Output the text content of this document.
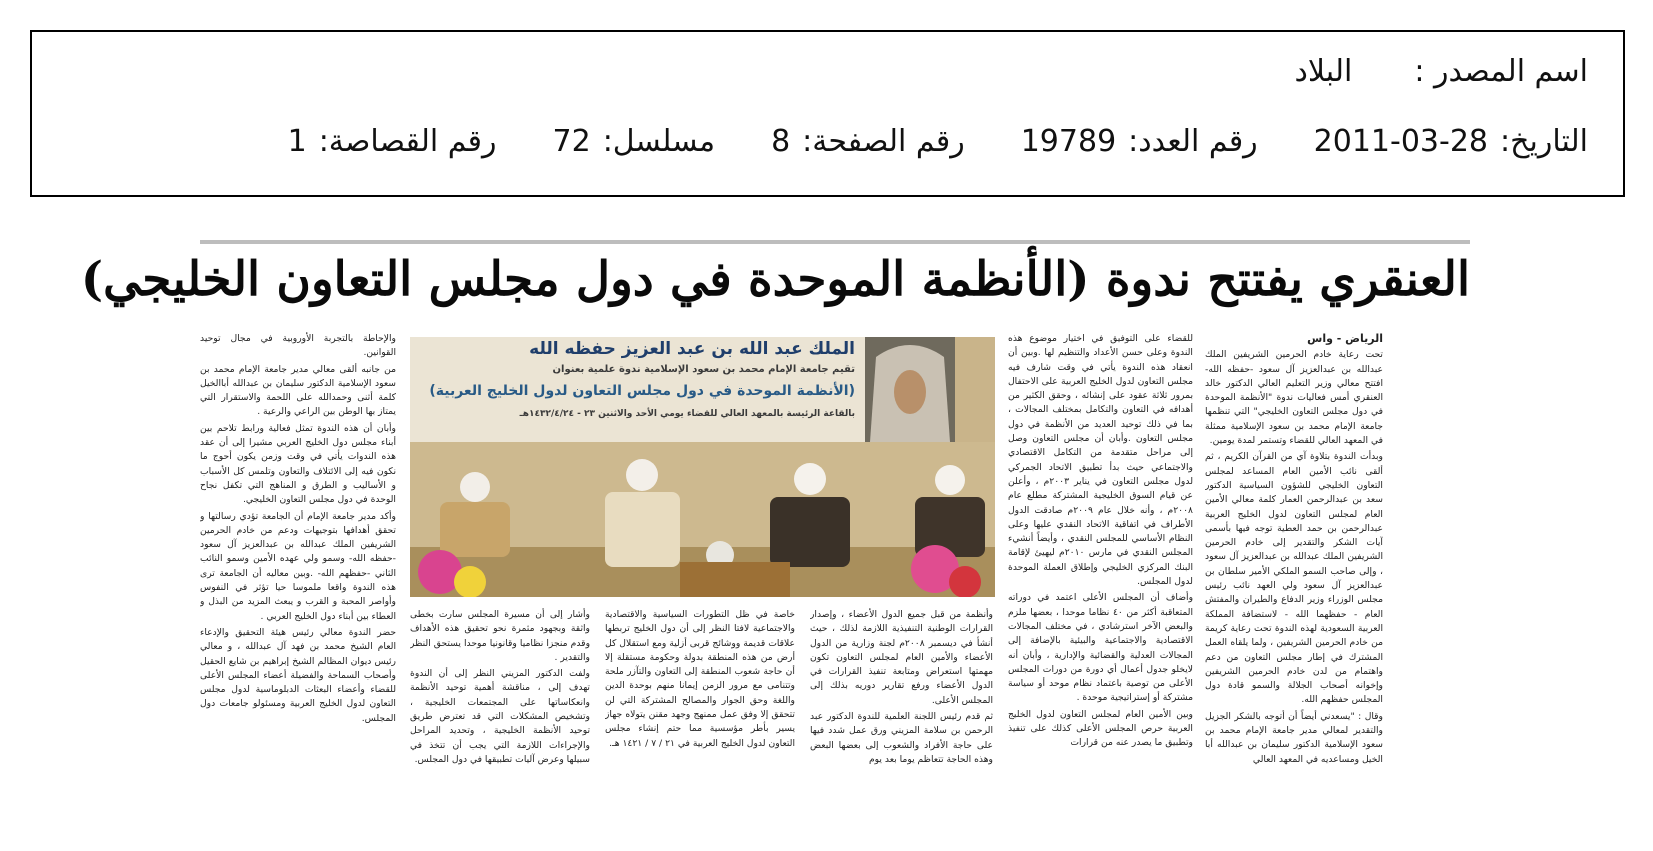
اسم المصدر :
البلاد
التاريخ:
2011-03-28
رقم العدد:
19789
رقم الصفحة:
8
مسلسل:
72
رقم القصاصة:
1
العنقري يفتتح ندوة (الأنظمة الموحدة في دول مجلس التعاون الخليجي)

الرياض - واس

تحت رعاية خادم الحرمين الشريفين الملك عبدالله بن عبدالعزيز آل سعود -حفظه الله- افتتح معالي وزير التعليم العالي الدكتور خالد العنقري أمس فعاليات ندوة "الأنظمة الموحدة في دول مجلس التعاون الخليجي" التي تنظمها جامعة الإمام محمد بن سعود الإسلامية ممثلة في المعهد العالي للقضاء وتستمر لمدة يومين.

وبدأت الندوة بتلاوة آي من القرآن الكريم ، ثم ألقى نائب الأمين العام المساعد لمجلس التعاون الخليجي للشؤون السياسية الدكتور سعد بن عبدالرحمن العمار كلمة معالي الأمين العام لمجلس التعاون لدول الخليج العربية عبدالرحمن بن حمد العطية توجه فيها بأسمى آيات الشكر والتقدير إلى خادم الحرمين الشريفين الملك عبدالله بن عبدالعزيز آل سعود ، وإلى صاحب السمو الملكي الأمير سلطان بن عبدالعزيز آل سعود ولي العهد نائب رئيس مجلس الوزراء وزير الدفاع والطيران والمفتش العام - حفظهما الله - لاستضافة المملكة العربية السعودية لهذه الندوة تحت رعاية كريمة من خادم الحرمين الشريفين ، ولما يلقاه العمل المشترك في إطار مجلس التعاون من دعم واهتمام من لدن خادم الحرمين الشريفين وإخوانه أصحاب الجلالة والسمو قادة دول المجلس حفظهم الله.

وقال : "يسعدني أيضاً أن أتوجه بالشكر الجزيل والتقدير لمعالي مدير جامعة الإمام محمد بن سعود الإسلامية الدكتور سليمان بن عبدالله أبا الخيل ومساعديه في المعهد العالي

للقضاء على التوفيق في اختيار موضوع هذه الندوة وعلى حسن الأعداد والتنظيم لها .وبين أن انعقاد هذه الندوة يأتي في وقت شارف فيه مجلس التعاون لدول الخليج العربية على الاحتفال بمرور ثلاثة عقود على إنشائه ، وحقق الكثير من أهدافه في التعاون والتكامل بمختلف المجالات ، بما في ذلك توحيد العديد من الأنظمة في دول مجلس التعاون .وأبان أن مجلس التعاون وصل إلى مراحل متقدمة من التكامل الاقتصادي والاجتماعي حيث بدأ تطبيق الاتحاد الجمركي لدول مجلس التعاون في يناير ٢٠٠٣م ، وأعلن عن قيام السوق الخليجية المشتركة مطلع عام ٢٠٠٨م ، وأنه خلال عام ٢٠٠٩م صادقت الدول الأطراف في اتفاقية الاتحاد النقدي عليها وعلى النظام الأساسي للمجلس النقدي ، وأيضاً أنشيء المجلس النقدي في مارس ٢٠١٠م ليهيئ لإقامة البنك المركزي الخليجي وإطلاق العملة الموحدة لدول المجلس.

وأضاف أن المجلس الأعلى اعتمد في دوراته المتعاقبة أكثر من ٤٠ نظاما موحدا ، بعضها ملزم والبعض الآخر استرشادي ، في مختلف المجالات الاقتصادية والاجتماعية والبيئية بالإضافة إلى المجالات العدلية والقضائية والإدارية ، وأبان أنه لايخلو جدول أعمال أي دورة من دورات المجلس الأعلى من توصية باعتماد نظام موحد أو سياسة مشتركة أو إستراتيجية موحدة .

وبين الأمين العام لمجلس التعاون لدول الخليج العربية حرص المجلس الأعلى كذلك على تنفيذ وتطبيق ما يصدر عنه من قرارات

الملك عبد الله بن عبد العزيز حفظه الله
تقيم جامعة الإمام محمد بن سعود الإسلامية ندوة علمية بعنوان
(الأنظمة الموحدة في دول مجلس التعاون لدول الخليج العربية)
بالقاعة الرئيسة بالمعهد العالي للقضاء يومي الأحد والاثنين ٢٣ - ١٤٣٢/٤/٢٤هـ

وأنظمة من قبل جميع الدول الأعضاء ، وإصدار القرارات الوطنية التنفيذية اللازمة لذلك ، حيث أنشأ في ديسمبر ٢٠٠٨م لجنة وزارية من الدول الأعضاء والأمين العام لمجلس التعاون تكون مهمتها استعراض ومتابعة تنفيذ القرارات في الدول الأعضاء ورفع تقارير دوريه بذلك إلى المجلس الأعلى.

ثم قدم رئيس اللجنة العلمية للندوة الدكتور عبد الرحمن بن سلامة المزيني ورق عمل شدد فيها على حاجة الأفراد والشعوب إلى بعضها البعض وهذه الحاجة تتعاظم يوما بعد يوم

خاصة في ظل التطورات السياسية والاقتصادية والاجتماعية لافتا النظر إلى أن دول الخليج تربطها علاقات قديمة ووشائج قربى أزلية ومع استقلال كل أرض من هذه المنطقة بدولة وحكومة مستقلة إلا أن حاجة شعوب المنطقة إلى التعاون والتآزر ملحة وتتنامى مع مرور الزمن إيمانا منهم بوحدة الدين واللغة وحق الجوار والمصالح المشتركة التي لن تتحقق إلا وفق عمل ممنهج وجهد مقنن يتولاه جهاز يسير بأطر مؤسسية مما حتم إنشاء مجلس التعاون لدول الخليج العربية في ٢١ / ٧ / ١٤٢١ هـ.

وأشار إلى أن مسيرة المجلس سارت بخطى واثقة وبجهود مثمرة نحو تحقيق هذه الأهداف وقدم منجزا نظاميا وقانونيا موحدا يستحق النظر والتقدير .

ولفت الدكتور المزيني النظر إلى أن الندوة تهدف إلى ، مناقشة أهمية توحيد الأنظمة وانعكاساتها على المجتمعات الخليجية ، وتشخيص المشكلات التي قد تعترض طريق توحيد الأنظمة الخليجية ، وتحديد المراحل والإجراءات اللازمة التي يجب أن تتخذ في سبيلها وعرض آليات تطبيقها في دول المجلس.

والإحاطة بالتجربة الأوروبية في مجال توحيد القوانين.

من جانبه ألقى معالي مدير جامعة الإمام محمد بن سعود الإسلامية الدكتور سليمان بن عبدالله أباالخيل كلمة أثنى وحمدالله على اللحمة والاستقرار التي يمتاز بها الوطن بين الراعي والرعية .

وأبان أن هذه الندوة تمثل فعالية ورابط تلاحم بين أبناء مجلس دول الخليج العربي مشيرا إلى أن عقد هذه الندوات يأتي في وقت وزمن يكون أحوج ما نكون فيه إلى الائتلاف والتعاون وتلمس كل الأسباب و الأساليب و الطرق و المناهج التي تكفل نجاح الوحدة في دول مجلس التعاون الخليجي.

وأكد مدير جامعة الإمام أن الجامعة تؤدي رسالتها و تحقق أهدافها بتوجيهات ودعم من خادم الحرمين الشريفين الملك عبدالله بن عبدالعزيز آل سعود -حفظه الله- وسمو ولي عهده الأمين وسمو النائب الثاني -حفظهم الله- .وبين معاليه أن الجامعة ترى هذه الندوة واقعا ملموسا حيا تؤثر في النفوس وأواصر المحبة و القرب و يبعث المزيد من البذل و العطاء بين أبناء دول الخليج العربي .

حضر الندوة معالي رئيس هيئة التحقيق والإدعاء العام الشيخ محمد بن فهد آل عبدالله ، و معالي رئيس ديوان المظالم الشيخ إبراهيم بن شايع الحقيل وأصحاب السماحة والفضيلة أعضاء المجلس الأعلى للقضاء وأعضاء البعثات الدبلوماسية لدول مجلس التعاون لدول الخليج العربية ومسئولو جامعات دول المجلس.
